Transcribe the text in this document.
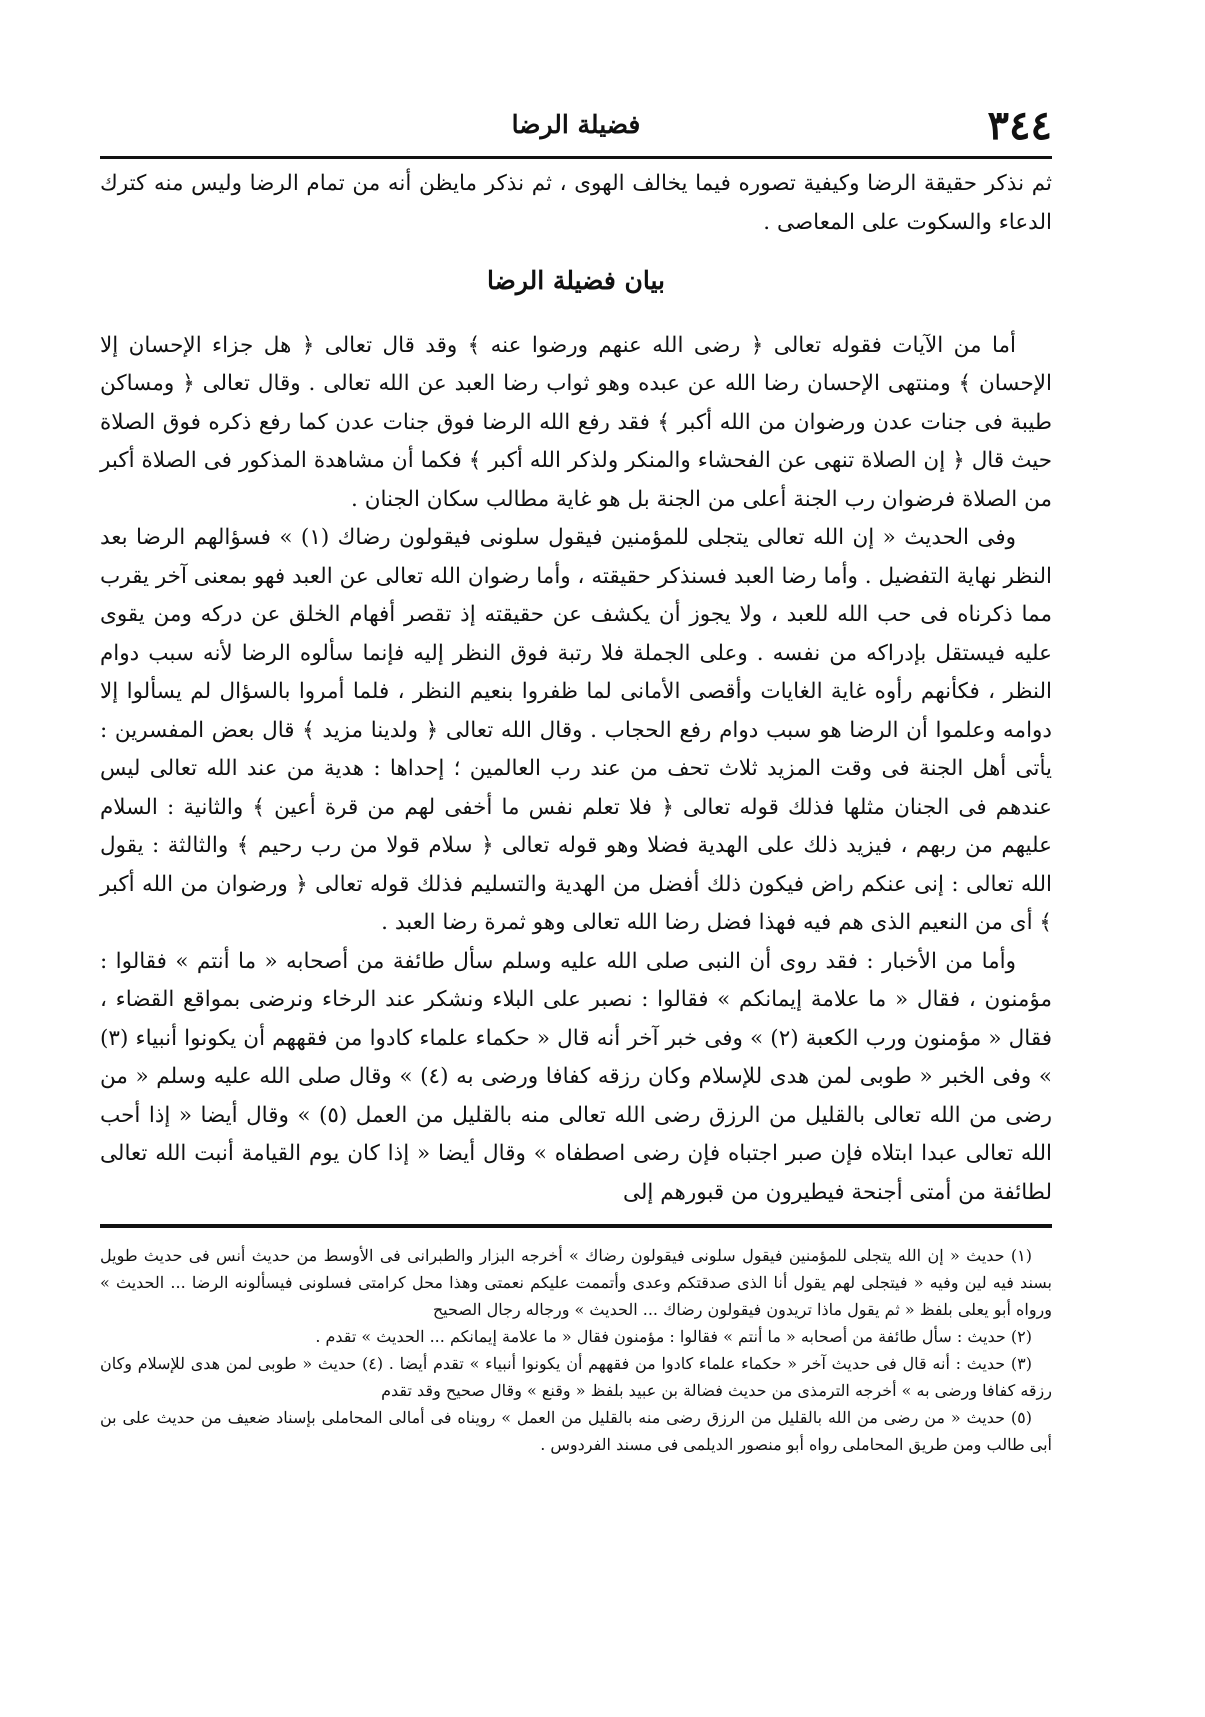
٣٤٤
فضيلة الرضا

ثم نذكر حقيقة الرضا وكيفية تصوره فيما يخالف الهوى ، ثم نذكر مايظن أنه من تمام الرضا وليس منه كترك الدعاء والسكوت على المعاصى .

بيان فضيلة الرضا

أما من الآيات فقوله تعالى ﴿ رضى الله عنهم ورضوا عنه ﴾ وقد قال تعالى ﴿ هل جزاء الإحسان إلا الإحسان ﴾ ومنتهى الإحسان رضا الله عن عبده وهو ثواب رضا العبد عن الله تعالى . وقال تعالى ﴿ ومساكن طيبة فى جنات عدن ورضوان من الله أكبر ﴾ فقد رفع الله الرضا فوق جنات عدن كما رفع ذكره فوق الصلاة حيث قال ﴿ إن الصلاة تنهى عن الفحشاء والمنكر ولذكر الله أكبر ﴾ فكما أن مشاهدة المذكور فى الصلاة أكبر من الصلاة فرضوان رب الجنة أعلى من الجنة بل هو غاية مطالب سكان الجنان .

وفى الحديث « إن الله تعالى يتجلى للمؤمنين فيقول سلونى فيقولون رضاك (١) » فسؤالهم الرضا بعد النظر نهاية التفضيل . وأما رضا العبد فسنذكر حقيقته ، وأما رضوان الله تعالى عن العبد فهو بمعنى آخر يقرب مما ذكرناه فى حب الله للعبد ، ولا يجوز أن يكشف عن حقيقته إذ تقصر أفهام الخلق عن دركه ومن يقوى عليه فيستقل بإدراكه من نفسه . وعلى الجملة فلا رتبة فوق النظر إليه فإنما سألوه الرضا لأنه سبب دوام النظر ، فكأنهم رأوه غاية الغايات وأقصى الأمانى لما ظفروا بنعيم النظر ، فلما أمروا بالسؤال لم يسألوا إلا دوامه وعلموا أن الرضا هو سبب دوام رفع الحجاب . وقال الله تعالى ﴿ ولدينا مزيد ﴾ قال بعض المفسرين : يأتى أهل الجنة فى وقت المزيد ثلاث تحف من عند رب العالمين ؛ إحداها : هدية من عند الله تعالى ليس عندهم فى الجنان مثلها فذلك قوله تعالى ﴿ فلا تعلم نفس ما أخفى لهم من قرة أعين ﴾ والثانية : السلام عليهم من ربهم ، فيزيد ذلك على الهدية فضلا وهو قوله تعالى ﴿ سلام قولا من رب رحيم ﴾ والثالثة : يقول الله تعالى : إنى عنكم راض فيكون ذلك أفضل من الهدية والتسليم فذلك قوله تعالى ﴿ ورضوان من الله أكبر ﴾ أى من النعيم الذى هم فيه فهذا فضل رضا الله تعالى وهو ثمرة رضا العبد .

وأما من الأخبار : فقد روى أن النبى صلى الله عليه وسلم سأل طائفة من أصحابه « ما أنتم » فقالوا : مؤمنون ، فقال « ما علامة إيمانكم » فقالوا : نصبر على البلاء ونشكر عند الرخاء ونرضى بمواقع القضاء ، فقال « مؤمنون ورب الكعبة (٢) » وفى خبر آخر أنه قال « حكماء علماء كادوا من فقههم أن يكونوا أنبياء (٣) » وفى الخبر « طوبى لمن هدى للإسلام وكان رزقه كفافا ورضى به (٤) » وقال صلى الله عليه وسلم « من رضى من الله تعالى بالقليل من الرزق رضى الله تعالى منه بالقليل من العمل (٥) » وقال أيضا « إذا أحب الله تعالى عبدا ابتلاه فإن صبر اجتباه فإن رضى اصطفاه » وقال أيضا « إذا كان يوم القيامة أنبت الله تعالى لطائفة من أمتى أجنحة فيطيرون من قبورهم إلى

(١) حديث « إن الله يتجلى للمؤمنين فيقول سلونى فيقولون رضاك » أخرجه البزار والطبرانى فى الأوسط من حديث أنس فى حديث طويل بسند فيه لين وفيه « فيتجلى لهم يقول أنا الذى صدقتكم وعدى وأتممت عليكم نعمتى وهذا محل كرامتى فسلونى فيسألونه الرضا ... الحديث » ورواه أبو يعلى بلفظ « ثم يقول ماذا تريدون فيقولون رضاك ... الحديث » ورجاله رجال الصحيح

(٢) حديث : سأل طائفة من أصحابه « ما أنتم » فقالوا : مؤمنون فقال « ما علامة إيمانكم ... الحديث » تقدم .

(٣) حديث : أنه قال فى حديث آخر « حكماء علماء كادوا من فقههم أن يكونوا أنبياء » تقدم أيضا . (٤) حديث « طوبى لمن هدى للإسلام وكان رزقه كفافا ورضى به » أخرجه الترمذى من حديث فضالة بن عبيد بلفظ « وقنع » وقال صحيح وقد تقدم

(٥) حديث « من رضى من الله بالقليل من الرزق رضى منه بالقليل من العمل » رويناه فى أمالى المحاملى بإسناد ضعيف من حديث على بن أبى طالب ومن طريق المحاملى رواه أبو منصور الديلمى فى مسند الفردوس .
